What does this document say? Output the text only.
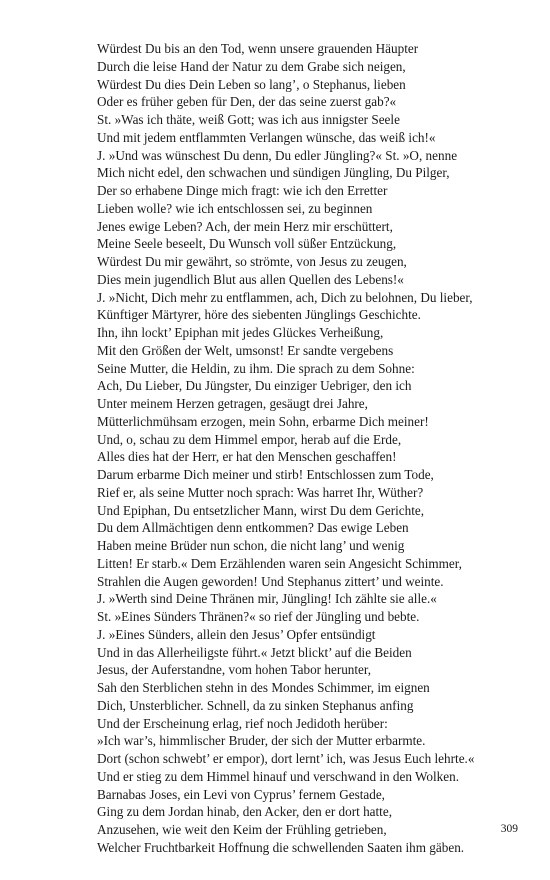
Würdest Du bis an den Tod, wenn unsere grauenden Häupter
Durch die leise Hand der Natur zu dem Grabe sich neigen,
Würdest Du dies Dein Leben so lang’, o Stephanus, lieben
Oder es früher geben für Den, der das seine zuerst gab?«
St. »Was ich thäte, weiß Gott; was ich aus innigster Seele
Und mit jedem entflammten Verlangen wünsche, das weiß ich!«
J. »Und was wünschest Du denn, Du edler Jüngling?« St. »O, nenne
Mich nicht edel, den schwachen und sündigen Jüngling, Du Pilger,
Der so erhabene Dinge mich fragt: wie ich den Erretter
Lieben wolle? wie ich entschlossen sei, zu beginnen
Jenes ewige Leben? Ach, der mein Herz mir erschüttert,
Meine Seele beseelt, Du Wunsch voll süßer Entzückung,
Würdest Du mir gewährt, so strömte, von Jesus zu zeugen,
Dies mein jugendlich Blut aus allen Quellen des Lebens!«
J. »Nicht, Dich mehr zu entflammen, ach, Dich zu belohnen, Du lieber,
Künftiger Märtyrer, höre des siebenten Jünglings Geschichte.
Ihn, ihn lockt’ Epiphan mit jedes Glückes Verheißung,
Mit den Größen der Welt, umsonst! Er sandte vergebens
Seine Mutter, die Heldin, zu ihm. Die sprach zu dem Sohne:
Ach, Du Lieber, Du Jüngster, Du einziger Uebriger, den ich
Unter meinem Herzen getragen, gesäugt drei Jahre,
Mütterlichmühsam erzogen, mein Sohn, erbarme Dich meiner!
Und, o, schau zu dem Himmel empor, herab auf die Erde,
Alles dies hat der Herr, er hat den Menschen geschaffen!
Darum erbarme Dich meiner und stirb! Entschlossen zum Tode,
Rief er, als seine Mutter noch sprach: Was harret Ihr, Wüther?
Und Epiphan, Du entsetzlicher Mann, wirst Du dem Gerichte,
Du dem Allmächtigen denn entkommen? Das ewige Leben
Haben meine Brüder nun schon, die nicht lang’ und wenig
Litten! Er starb.« Dem Erzählenden waren sein Angesicht Schimmer,
Strahlen die Augen geworden! Und Stephanus zittert’ und weinte.
J. »Werth sind Deine Thränen mir, Jüngling! Ich zählte sie alle.«
St. »Eines Sünders Thränen?« so rief der Jüngling und bebte.
J. »Eines Sünders, allein den Jesus’ Opfer entsündigt
Und in das Allerheiligste führt.« Jetzt blickt’ auf die Beiden
Jesus, der Auferstandne, vom hohen Tabor herunter,
Sah den Sterblichen stehn in des Mondes Schimmer, im eignen
Dich, Unsterblicher. Schnell, da zu sinken Stephanus anfing
Und der Erscheinung erlag, rief noch Jedidoth herüber:
»Ich war’s, himmlischer Bruder, der sich der Mutter erbarmte.
Dort (schon schwebt’ er empor), dort lernt’ ich, was Jesus Euch lehrte.«
Und er stieg zu dem Himmel hinauf und verschwand in den Wolken.
Barnabas Joses, ein Levi von Cyprus’ fernem Gestade,
Ging zu dem Jordan hinab, den Acker, den er dort hatte,
Anzusehen, wie weit den Keim der Frühling getrieben,
Welcher Fruchtbarkeit Hoffnung die schwellenden Saaten ihm gäben.
309
